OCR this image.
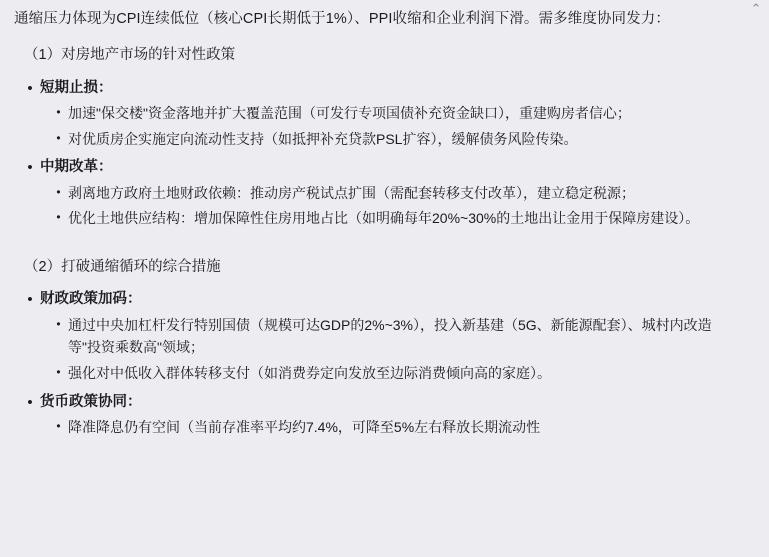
⌃

通缩压力体现为CPI连续低位（核心CPI长期低于1%）、PPI收缩和企业利润下滑。需多维度协同发力：

（1）对房地产市场的针对性政策
• 短期止损：
• 加速"保交楼"资金落地并扩大覆盖范围（可发行专项国债补充资金缺口），重建购房者信心；
• 对优质房企实施定向流动性支持（如抵押补充贷款PSL扩容），缓解债务风险传染。
• 中期改革：
• 剥离地方政府土地财政依赖：推动房产税试点扩围（需配套转移支付改革），建立稳定税源；
• 优化土地供应结构：增加保障性住房用地占比（如明确每年20%~30%的土地出让金用于保障房建设）。
（2）打破通缩循环的综合措施
• 财政政策加码：
• 通过中央加杠杆发行特别国债（规模可达GDP的2%~3%），投入新基建（5G、新能源配套）、城村内改造等"投资乘数高"领域；
• 强化对中低收入群体转移支付（如消费券定向发放至边际消费倾向高的家庭）。
• 货币政策协同：
• 降准降息仍有空间（当前存准率平均约7.4%，可降至5%左右释放长期流动性
